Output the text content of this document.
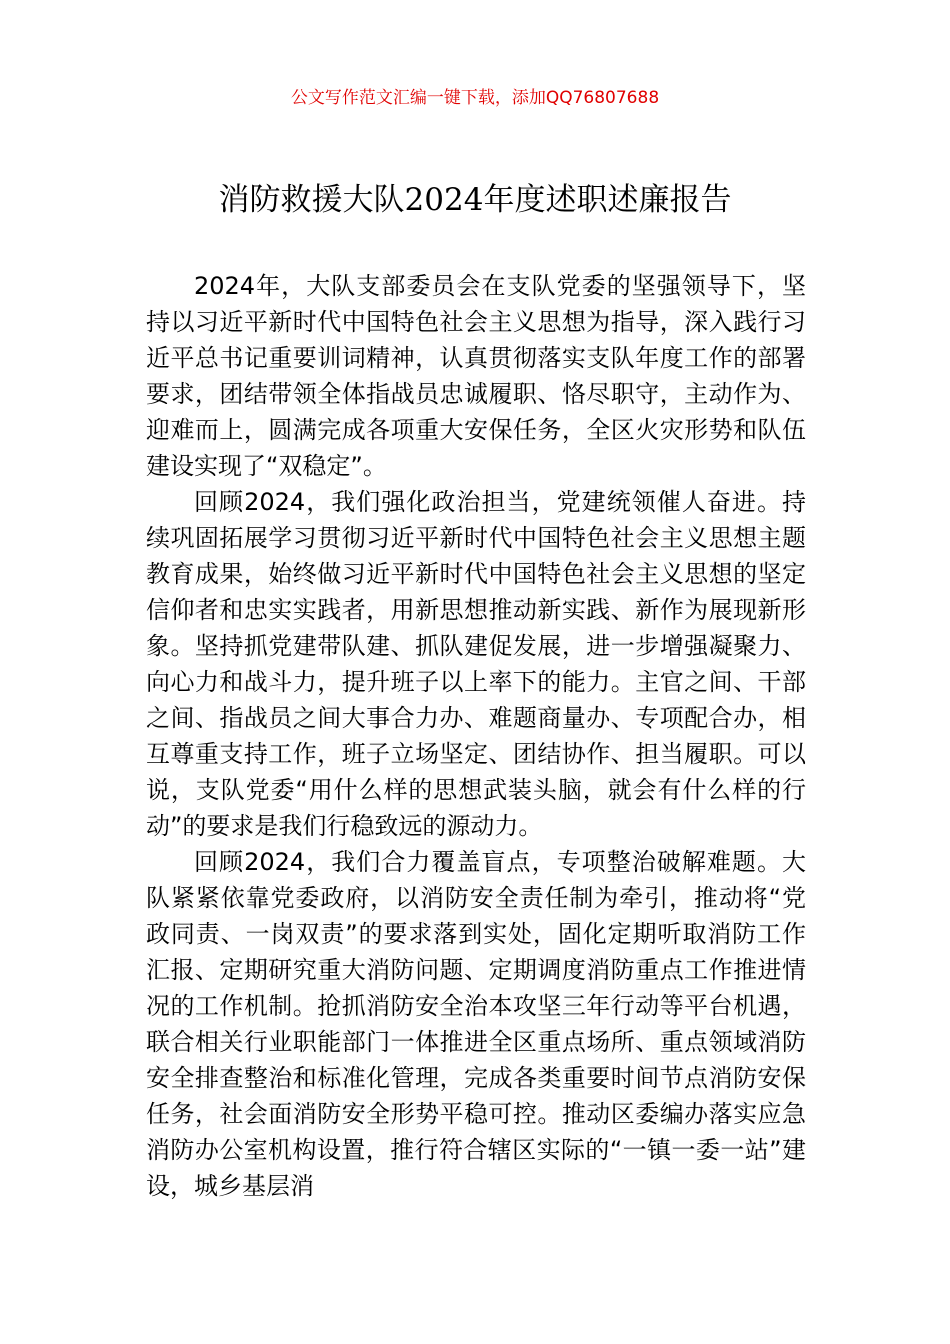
公文写作范文汇编一键下载，添加QQ76807688
消防救援大队2024年度述职述廉报告

2024年，大队支部委员会在支队党委的坚强领导下，坚持以习近平新时代中国特色社会主义思想为指导，深入践行习近平总书记重要训词精神，认真贯彻落实支队年度工作的部署要求，团结带领全体指战员忠诚履职、恪尽职守，主动作为、迎难而上，圆满完成各项重大安保任务，全区火灾形势和队伍建设实现了“双稳定”。

回顾2024，我们强化政治担当，党建统领催人奋进。持续巩固拓展学习贯彻习近平新时代中国特色社会主义思想主题教育成果，始终做习近平新时代中国特色社会主义思想的坚定信仰者和忠实实践者，用新思想推动新实践、新作为展现新形象。坚持抓党建带队建、抓队建促发展，进一步增强凝聚力、向心力和战斗力，提升班子以上率下的能力。主官之间、干部之间、指战员之间大事合力办、难题商量办、专项配合办，相互尊重支持工作，班子立场坚定、团结协作、担当履职。可以说，支队党委“用什么样的思想武装头脑，就会有什么样的行动”的要求是我们行稳致远的源动力。

回顾2024，我们合力覆盖盲点，专项整治破解难题。大队紧紧依靠党委政府，以消防安全责任制为牵引，推动将“党政同责、一岗双责”的要求落到实处，固化定期听取消防工作汇报、定期研究重大消防问题、定期调度消防重点工作推进情况的工作机制。抢抓消防安全治本攻坚三年行动等平台机遇，联合相关行业职能部门一体推进全区重点场所、重点领域消防安全排查整治和标准化管理，完成各类重要时间节点消防安保任务，社会面消防安全形势平稳可控。推动区委编办落实应急消防办公室机构设置，推行符合辖区实际的“一镇一委一站”建设，城乡基层消
